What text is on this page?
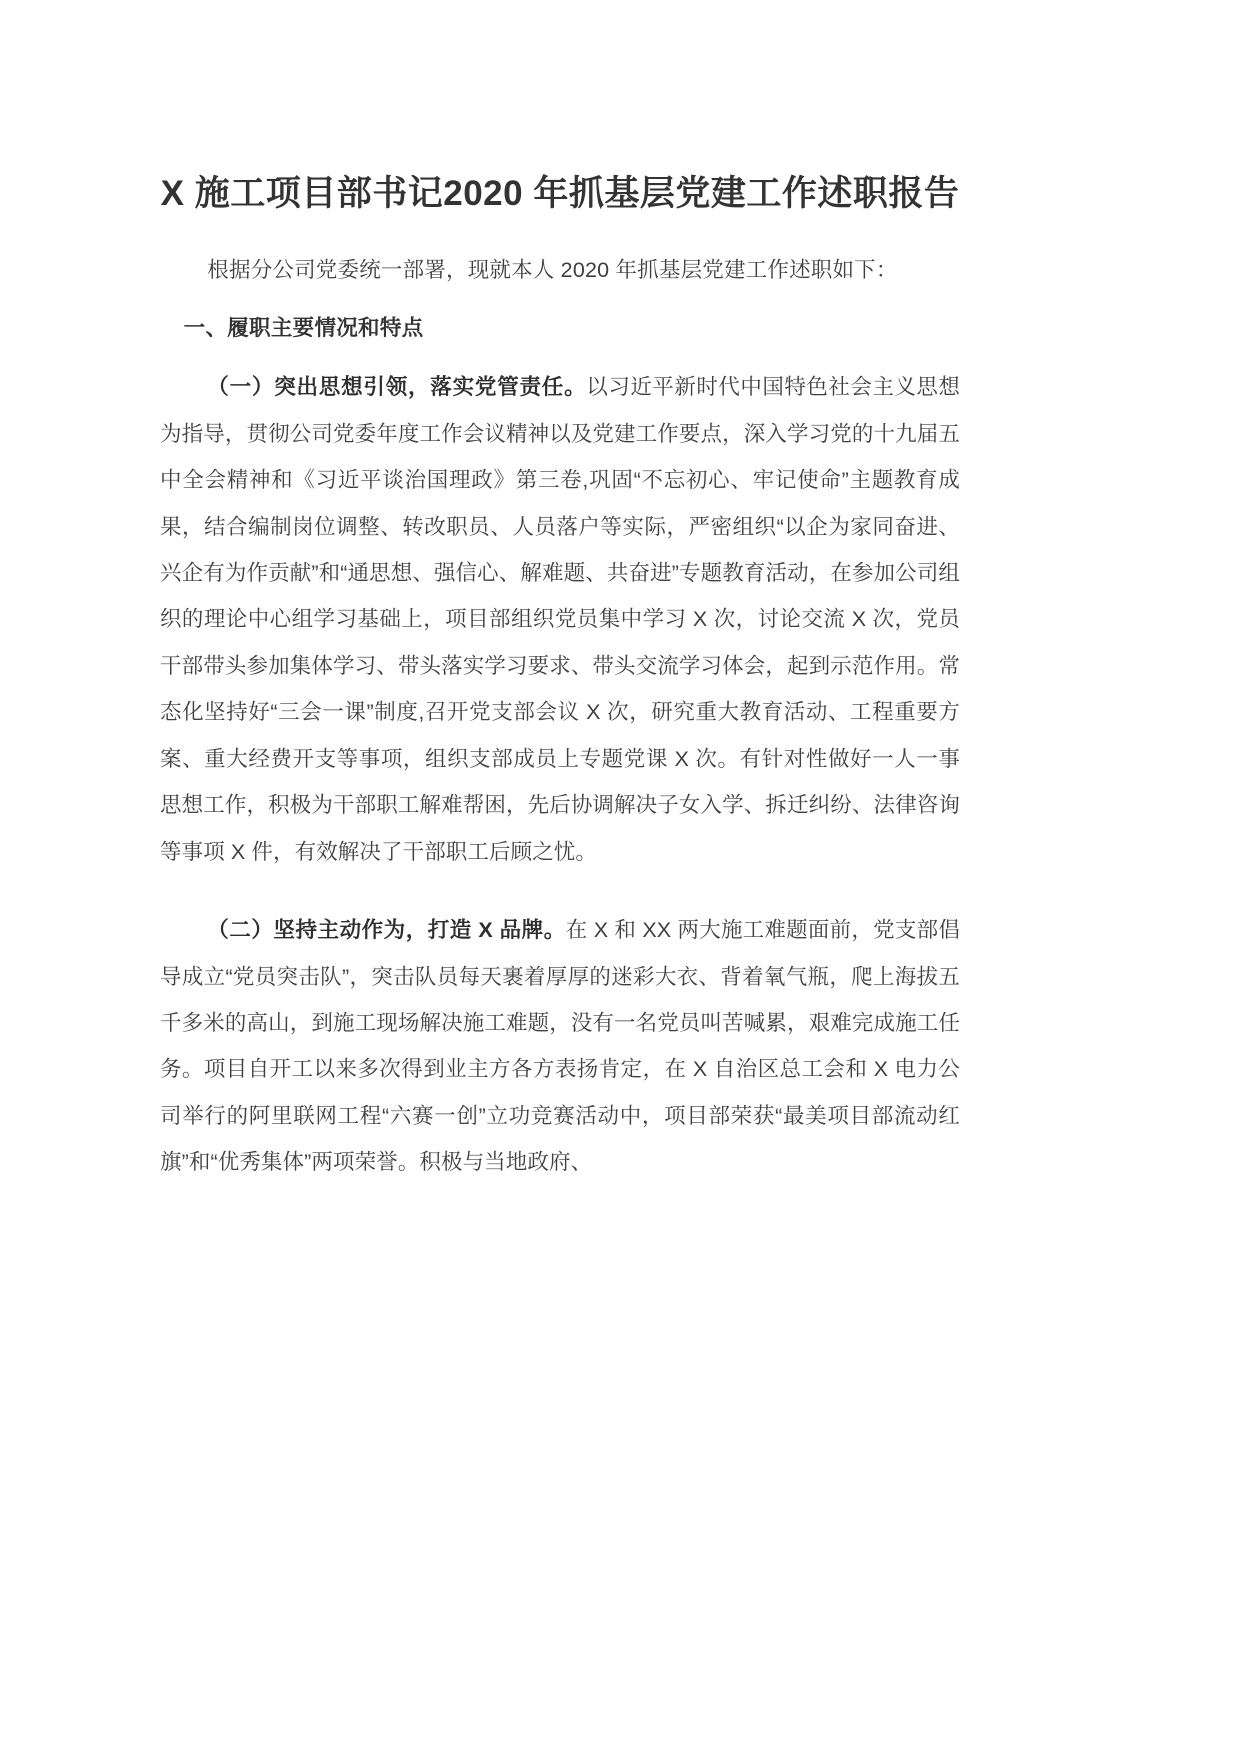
X 施工项目部书记2020 年抓基层党建工作述职报告

根据分公司党委统一部署，现就本人 2020 年抓基层党建工作述职如下：

一、履职主要情况和特点

（一）突出思想引领，落实党管责任。以习近平新时代中国特色社会主义思想为指导，贯彻公司党委年度工作会议精神以及党建工作要点，深入学习党的十九届五中全会精神和《习近平谈治国理政》第三卷,巩固“不忘初心、牢记使命”主题教育成果，结合编制岗位调整、转改职员、人员落户等实际，严密组织“以企为家同奋进、兴企有为作贡献”和“通思想、强信心、解难题、共奋进”专题教育活动，在参加公司组织的理论中心组学习基础上，项目部组织党员集中学习 X 次，讨论交流 X 次，党员干部带头参加集体学习、带头落实学习要求、带头交流学习体会，起到示范作用。常态化坚持好“三会一课”制度,召开党支部会议 X 次，研究重大教育活动、工程重要方案、重大经费开支等事项，组织支部成员上专题党课 X 次。有针对性做好一人一事思想工作，积极为干部职工解难帮困，先后协调解决子女入学、拆迁纠纷、法律咨询等事项 X 件，有效解决了干部职工后顾之忧。

（二）坚持主动作为，打造 X 品牌。在 X 和 XX 两大施工难题面前，党支部倡导成立“党员突击队”，突击队员每天裹着厚厚的迷彩大衣、背着氧气瓶，爬上海拔五千多米的高山，到施工现场解决施工难题，没有一名党员叫苦喊累，艰难完成施工任务。项目自开工以来多次得到业主方各方表扬肯定，在 X 自治区总工会和 X 电力公司举行的阿里联网工程“六赛一创”立功竞赛活动中，项目部荣获“最美项目部流动红旗”和“优秀集体”两项荣誉。积极与当地政府、
